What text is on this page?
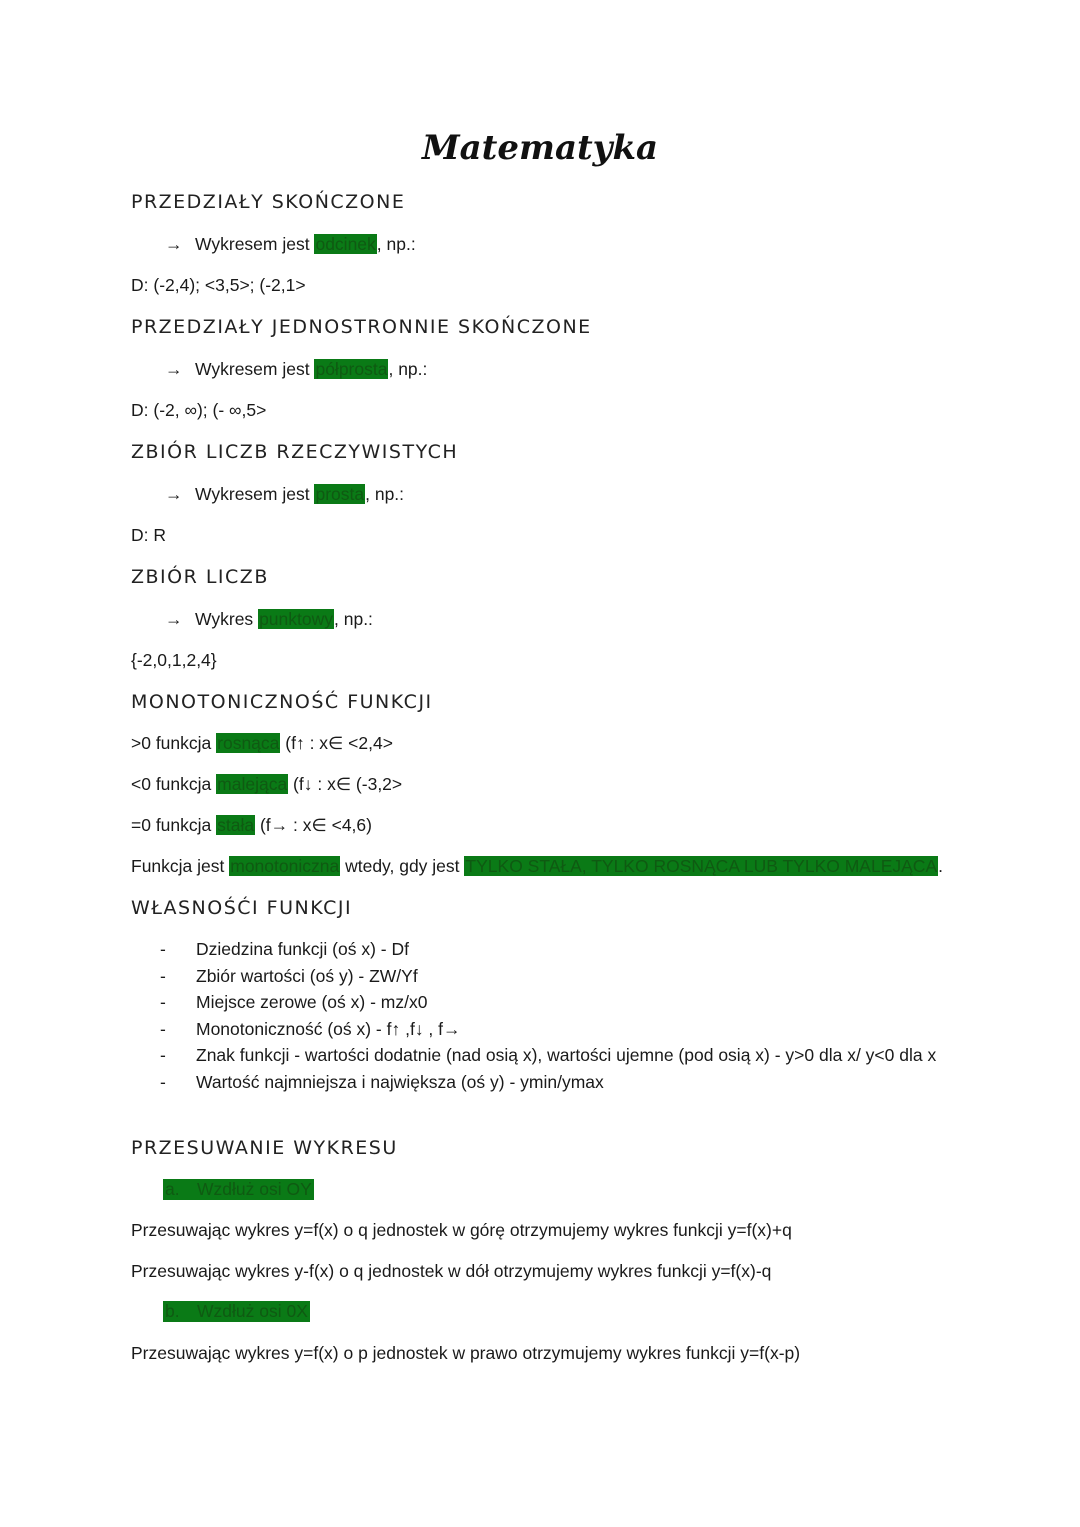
Matematyka
PRZEDZIAŁY SKOŃCZONE
→ Wykresem jest odcinek, np.:
D: (-2,4); <3,5>; (-2,1>
PRZEDZIAŁY JEDNOSTRONNIE SKOŃCZONE
→ Wykresem jest półprosta, np.:
D: (-2, ∞); (- ∞,5>
ZBIÓR LICZB RZECZYWISTYCH
→ Wykresem jest prosta, np.:
D: R
ZBIÓR LICZB
→ Wykres punktowy, np.:
{-2,0,1,2,4}
MONOTONICZNOŚĆ FUNKCJI
>0 funkcja rosnąca (f↑ : x∈ <2,4>
<0 funkcja malejąca (f↓ : x∈ (-3,2>
=0 funkcja stała (f→ : x∈ <4,6)
Funkcja jest monotoniczna wtedy, gdy jest TYLKO STAŁA, TYLKO ROSNĄCA LUB TYLKO MALEJĄCA.
WŁASNOŚĆI FUNKCJI
-	Dziedzina funkcji (oś x) - Df
-	Zbiór wartości (oś y) - ZW/Yf
-	Miejsce zerowe (oś x) - mz/x0
-	Monotoniczność (oś x) - f↑ ,f↓ , f→
-	Znak funkcji - wartości dodatnie (nad osią x), wartości ujemne (pod osią x) - y>0 dla x/ y<0 dla x
-	Wartość najmniejsza i największa (oś y) - ymin/ymax
PRZESUWANIE WYKRESU
a. Wzdłuż osi OY
Przesuwając wykres y=f(x) o q jednostek w górę otrzymujemy wykres funkcji y=f(x)+q
Przesuwając wykres y-f(x) o q jednostek w dół otrzymujemy wykres funkcji y=f(x)-q
b. Wzdłuż osi 0X
Przesuwając wykres y=f(x) o p jednostek w prawo otrzymujemy wykres funkcji y=f(x-p)
